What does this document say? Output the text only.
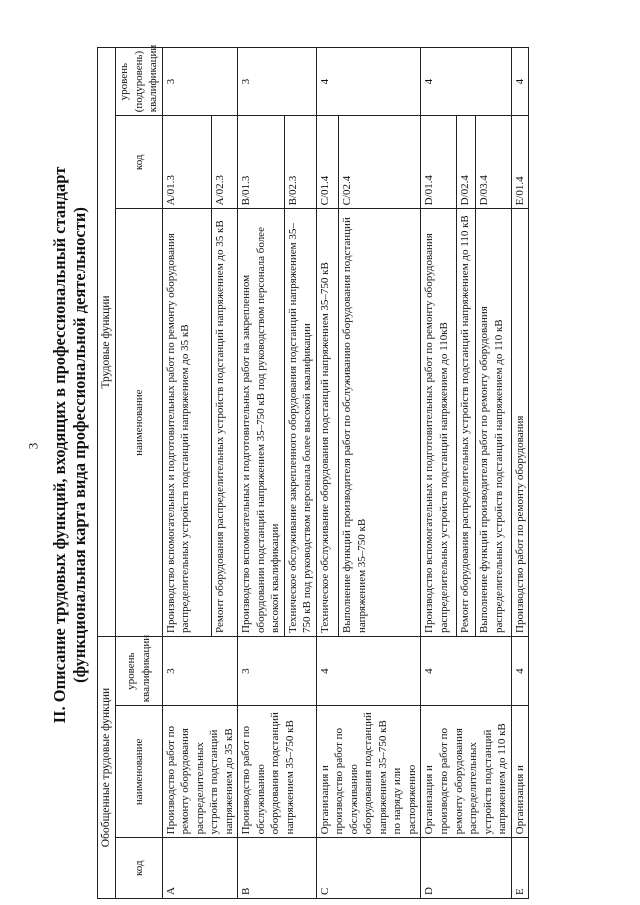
3 II. Описание трудовых функций, входящих в профессиональный стандарт (функциональная карта вида профессиональной деятельности)
Обобщенные трудовые функции			Трудовые функции		
код	наименование	уровень квалификации	наименование	код	уровень (подуровень) квалификации
A	Производство работ по ремонту оборудования распределительных устройств подстанций напряжением до 35 кВ	3	Производство вспомогательных и подготовительных работ по ремонту оборудования распределительных устройств подстанций напряжением до 35 кВ	A/01.3	3
			Ремонт оборудования распределительных устройств подстанций напряжением до 35 кВ	A/02.3	
B	Производство работ по обслуживанию оборудования подстанций напряжением 35–750 кВ	3	Производство вспомогательных и подготовительных работ на закрепленном оборудовании подстанций напряжением 35–750 кВ под руководством персонала более высокой квалификации	B/01.3	3
			Техническое обслуживание закрепленного оборудования подстанций напряжением 35–750 кВ под руководством персонала более высокой квалификации	B/02.3	
C	Организация и производство работ по обслуживанию оборудования подстанций напряжением 35–750 кВ по наряду или распоряжению	4	Техническое обслуживание оборудования подстанций напряжением 35–750 кВ	C/01.4	4
			Выполнение функций производителя работ по обслуживанию оборудования подстанций напряжением 35–750 кВ	C/02.4	
D	Организация и производство работ по ремонту оборудования распределительных устройств подстанций напряжением до 110 кВ	4	Производство вспомогательных и подготовительных работ по ремонту оборудования распределительных устройств подстанций напряжением до 110кВ	D/01.4	4
			Ремонт оборудования распределительных устройств подстанций напряжением до 110 кВ	D/02.4	
			Выполнение функций производителя работ по ремонту оборудования распределительных устройств подстанций напряжением до 110 кВ	D/03.4	
E	Организация и	4	Производство работ по ремонту оборудования	E/01.4	4
